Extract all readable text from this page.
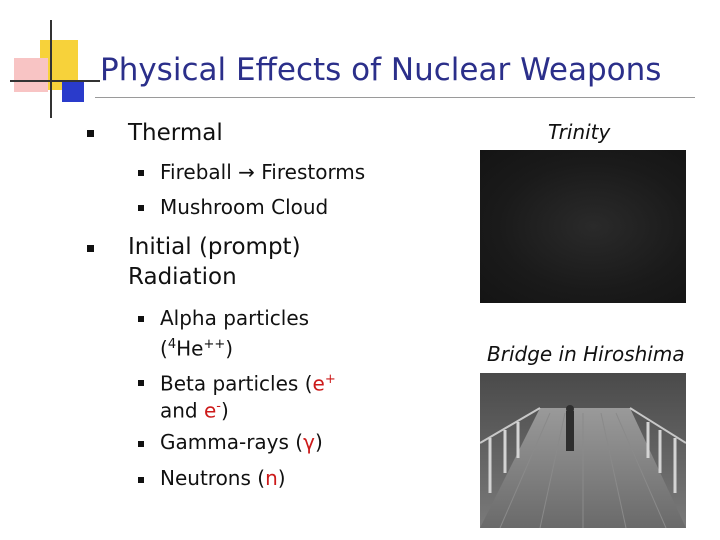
Physical Effects of Nuclear Weapons
Thermal
Fireball → Firestorms
Mushroom Cloud
Initial (prompt)
Radiation
Alpha particles
($^4$He++)
Beta particles (e+
and e-)
Gamma-rays (γ)
Neutrons (n)
Trinity
Bridge in Hiroshima
